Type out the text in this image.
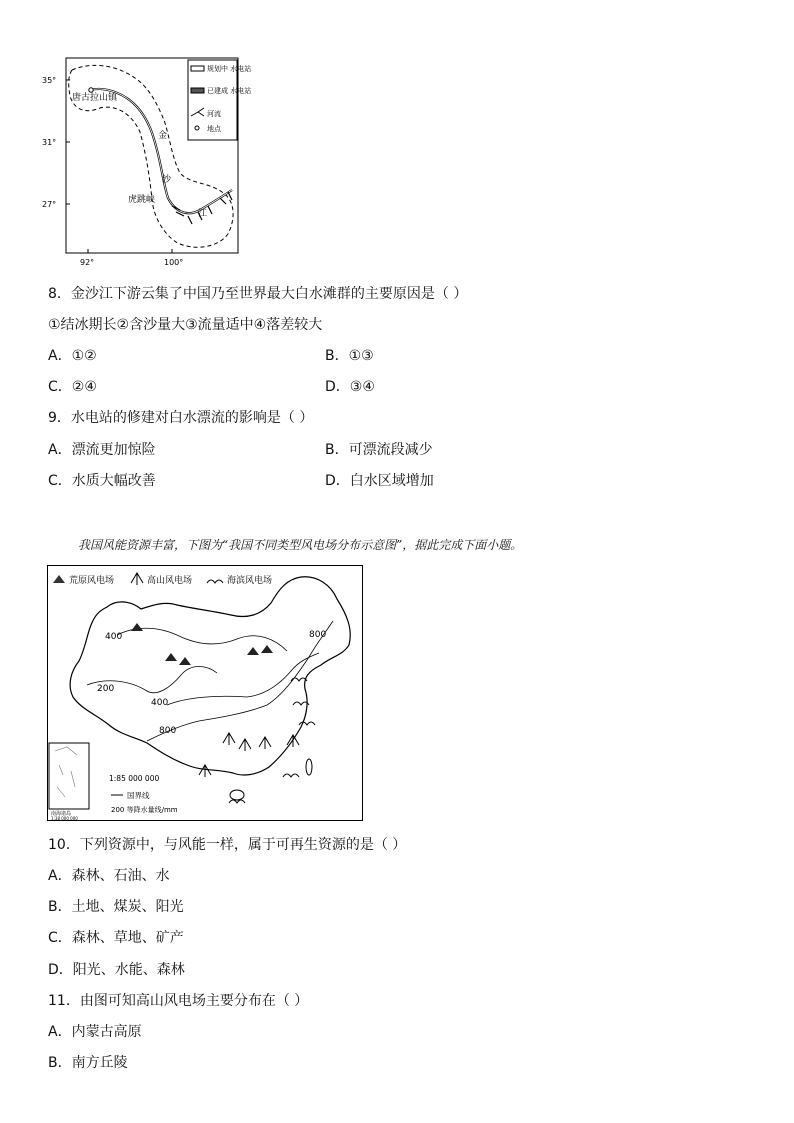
35°
31°
27°
92°	100°
唐古拉山镇
虎跳峡
金
沙
江
规划中 水电站
已建成 水电站
河流
地点
8．金沙江下游云集了中国乃至世界最大白水滩群的主要原因是（ ）
①结冰期长②含沙量大③流量适中④落差较大
A．①②	B．①③
C．②④	D．③④
9．水电站的修建对白水漂流的影响是（ ）
A．漂流更加惊险	B．可漂流段减少
C．水质大幅改善	D．白水区域增加
我国风能资源丰富，下图为“我国不同类型风电场分布示意图”，据此完成下面小题。
400
200
400
800
800
荒原风电场	高山风电场	海滨风电场
南海诸岛
1:38 000 000
1:85 000 000
国界线
200 等降水量线/mm
10．下列资源中，与风能一样，属于可再生资源的是（ ）
A．森林、石油、水
B．土地、煤炭、阳光
C．森林、草地、矿产
D．阳光、水能、森林
11．由图可知高山风电场主要分布在（ ）
A．内蒙古高原
B．南方丘陵
